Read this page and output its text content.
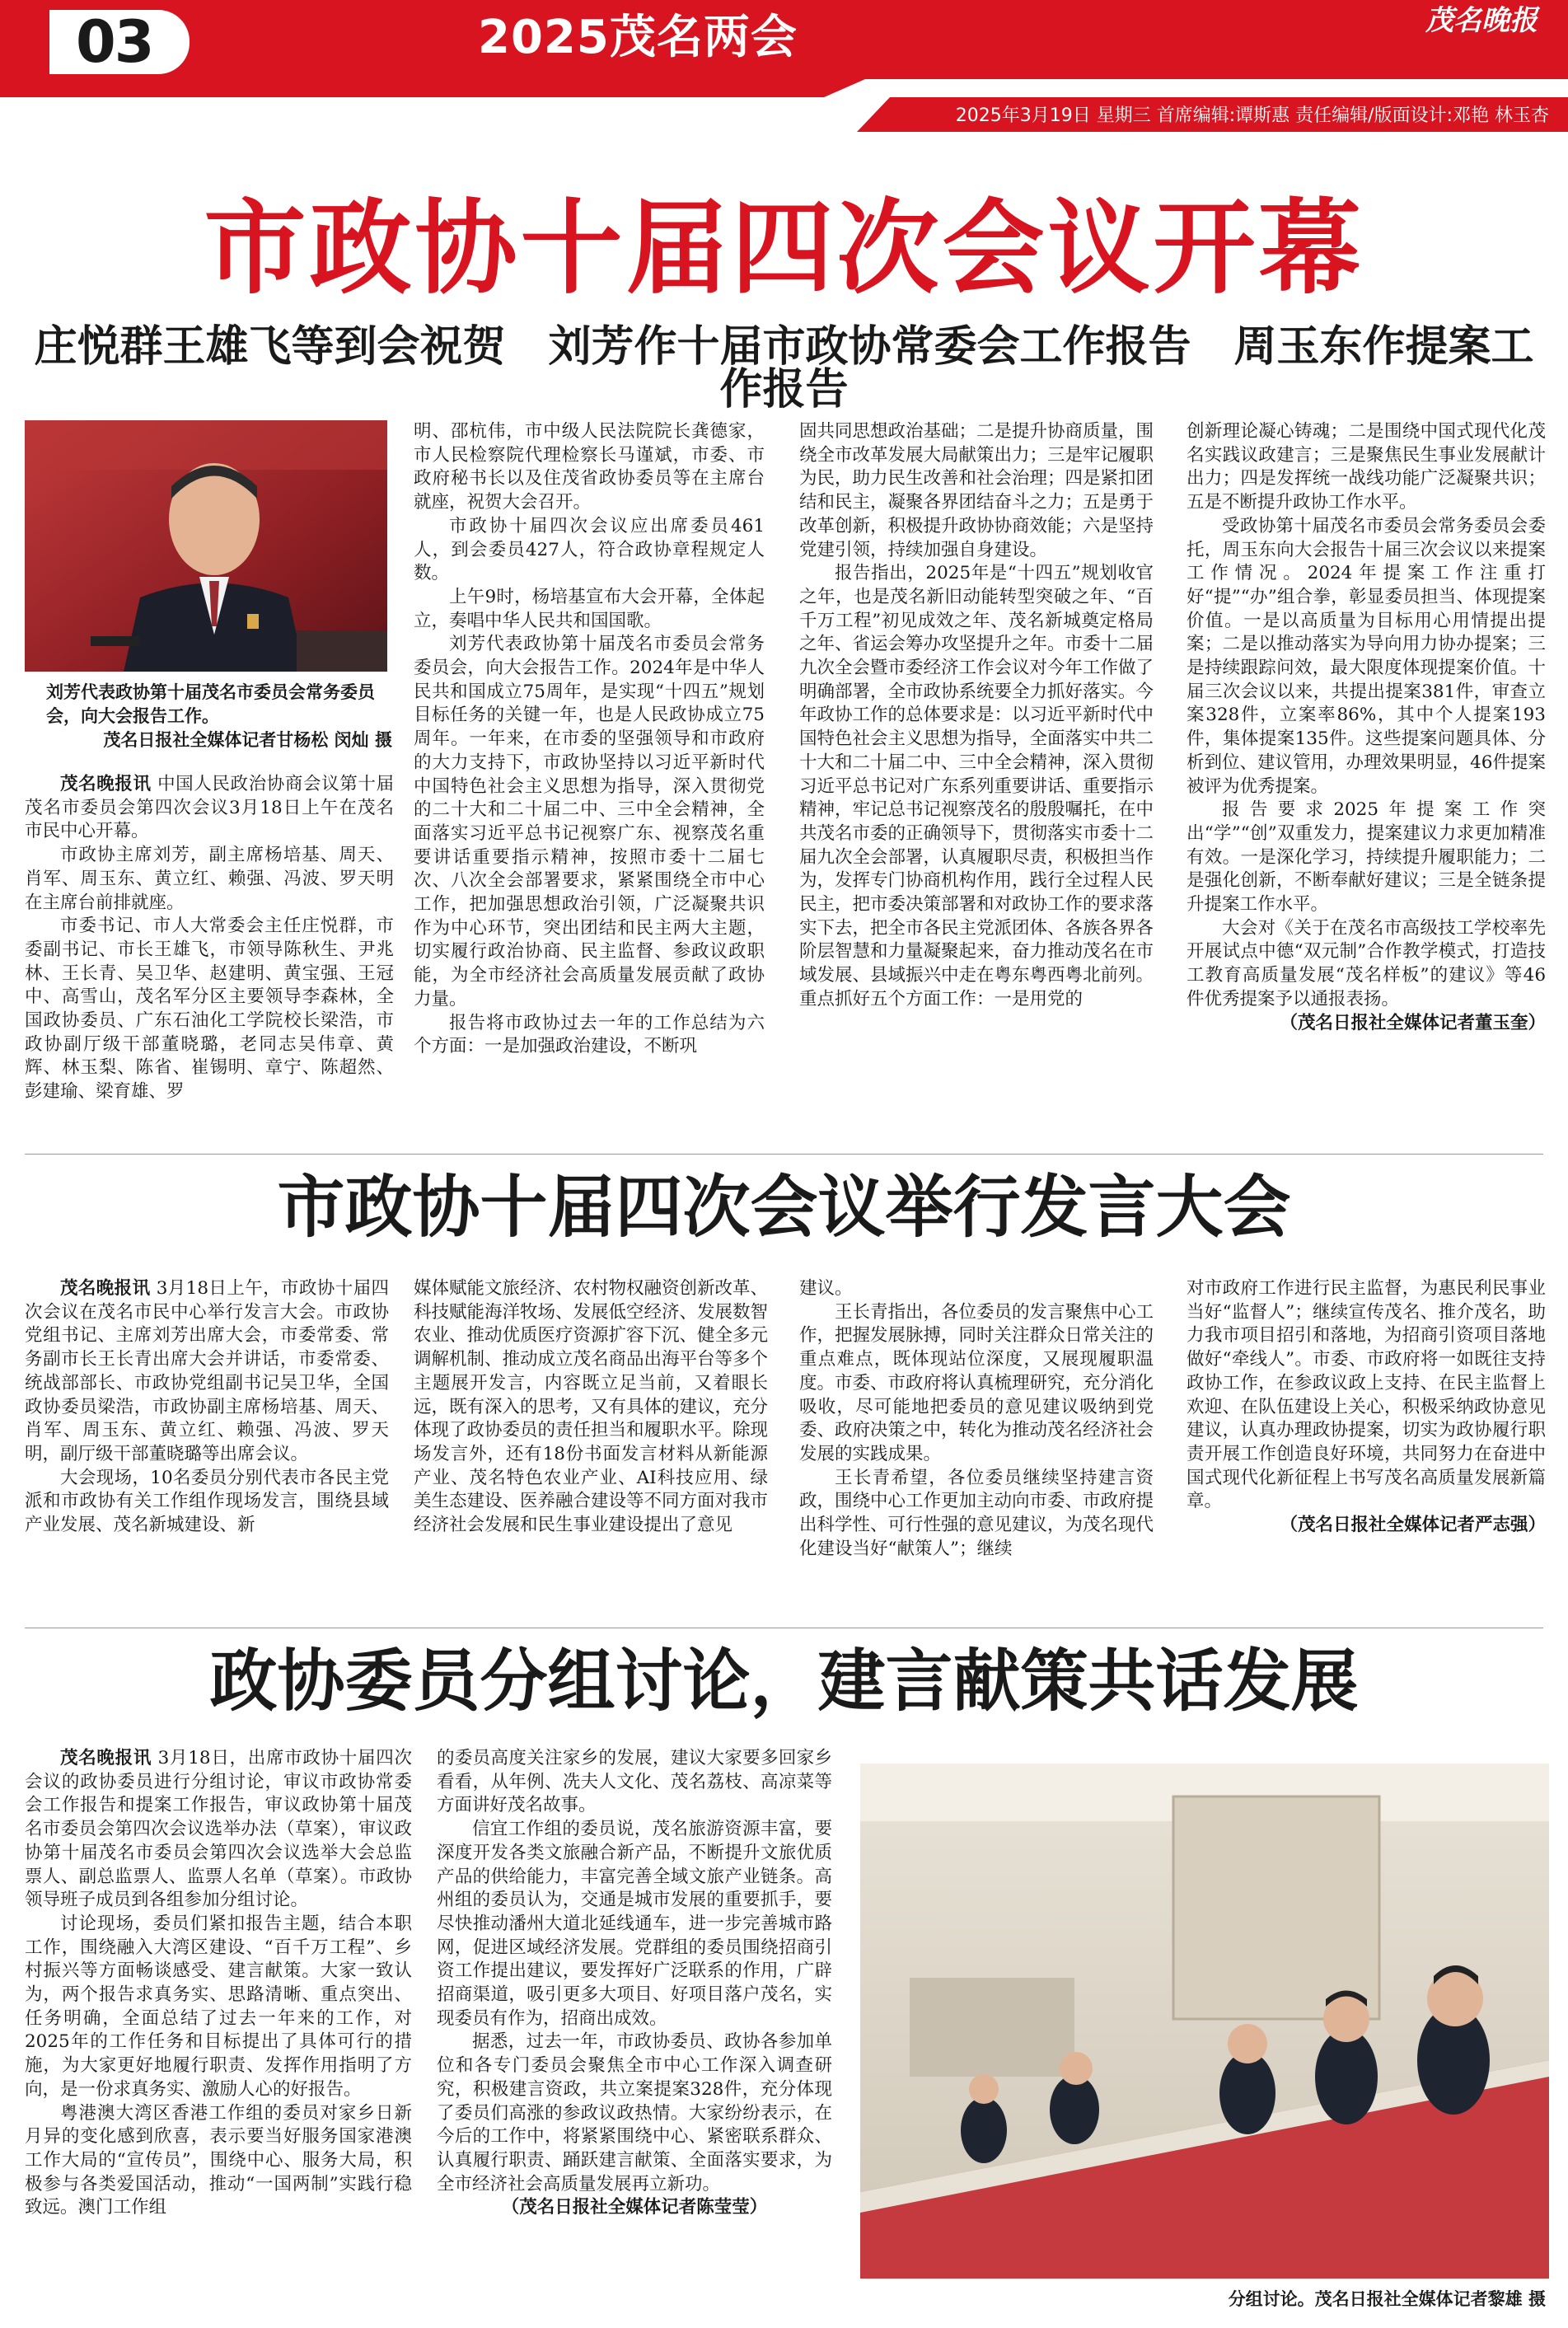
03	2025茂名两会	茂名晚报
2025年3月19日 星期三 首席编辑:谭斯惠 责任编辑/版面设计:邓艳 林玉杏
市政协十届四次会议开幕
庄悦群王雄飞等到会祝贺　刘芳作十届市政协常委会工作报告　周玉东作提案工作报告
刘芳代表政协第十届茂名市委员会常务委员会，向大会报告工作。
茂名日报社全媒体记者甘杨松 闵灿 摄

茂名晚报讯 中国人民政治协商会议第十届茂名市委员会第四次会议3月18日上午在茂名市民中心开幕。

市政协主席刘芳，副主席杨培基、周天、肖军、周玉东、黄立红、赖强、冯波、罗天明在主席台前排就座。

市委书记、市人大常委会主任庄悦群，市委副书记、市长王雄飞，市领导陈秋生、尹兆林、王长青、吴卫华、赵建明、黄宝强、王冠中、高雪山，茂名军分区主要领导李森林，全国政协委员、广东石油化工学院校长梁浩，市政协副厅级干部董晓璐，老同志吴伟章、黄辉、林玉梨、陈省、崔锡明、章宁、陈超然、彭建瑜、梁育雄、罗

明、邵杭伟，市中级人民法院院长龚德家，市人民检察院代理检察长马谨斌，市委、市政府秘书长以及住茂省政协委员等在主席台就座，祝贺大会召开。

市政协十届四次会议应出席委员461人，到会委员427人，符合政协章程规定人数。

上午9时，杨培基宣布大会开幕，全体起立，奏唱中华人民共和国国歌。

刘芳代表政协第十届茂名市委员会常务委员会，向大会报告工作。2024年是中华人民共和国成立75周年，是实现“十四五”规划目标任务的关键一年，也是人民政协成立75周年。一年来，在市委的坚强领导和市政府的大力支持下，市政协坚持以习近平新时代中国特色社会主义思想为指导，深入贯彻党的二十大和二十届二中、三中全会精神，全面落实习近平总书记视察广东、视察茂名重要讲话重要指示精神，按照市委十二届七次、八次全会部署要求，紧紧围绕全市中心工作，把加强思想政治引领，广泛凝聚共识作为中心环节，突出团结和民主两大主题，切实履行政治协商、民主监督、参政议政职能，为全市经济社会高质量发展贡献了政协力量。

报告将市政协过去一年的工作总结为六个方面：一是加强政治建设，不断巩

固共同思想政治基础；二是提升协商质量，围绕全市改革发展大局献策出力；三是牢记履职为民，助力民生改善和社会治理；四是紧扣团结和民主，凝聚各界团结奋斗之力；五是勇于改革创新，积极提升政协协商效能；六是坚持党建引领，持续加强自身建设。

报告指出，2025年是“十四五”规划收官之年，也是茂名新旧动能转型突破之年、“百千万工程”初见成效之年、茂名新城奠定格局之年、省运会筹办攻坚提升之年。市委十二届九次全会暨市委经济工作会议对今年工作做了明确部署，全市政协系统要全力抓好落实。今年政协工作的总体要求是：以习近平新时代中国特色社会主义思想为指导，全面落实中共二十大和二十届二中、三中全会精神，深入贯彻习近平总书记对广东系列重要讲话、重要指示精神，牢记总书记视察茂名的殷殷嘱托，在中共茂名市委的正确领导下，贯彻落实市委十二届九次全会部署，认真履职尽责，积极担当作为，发挥专门协商机构作用，践行全过程人民民主，把市委决策部署和对政协工作的要求落实下去，把全市各民主党派团体、各族各界各阶层智慧和力量凝聚起来，奋力推动茂名在市域发展、县域振兴中走在粤东粤西粤北前列。重点抓好五个方面工作：一是用党的

创新理论凝心铸魂；二是围绕中国式现代化茂名实践议政建言；三是聚焦民生事业发展献计出力；四是发挥统一战线功能广泛凝聚共识；五是不断提升政协工作水平。

受政协第十届茂名市委员会常务委员会委托，周玉东向大会报告十届三次会议以来提案工作情况。2024年提案工作注重打好“提”“办”组合拳，彰显委员担当、体现提案价值。一是以高质量为目标用心用情提出提案；二是以推动落实为导向用力协办提案；三是持续跟踪问效，最大限度体现提案价值。十届三次会议以来，共提出提案381件，审查立案328件，立案率86%，其中个人提案193件，集体提案135件。这些提案问题具体、分析到位、建议管用，办理效果明显，46件提案被评为优秀提案。

报告要求2025年提案工作突出“学”“创”双重发力，提案建议力求更加精准有效。一是深化学习，持续提升履职能力；二是强化创新，不断奉献好建议；三是全链条提升提案工作水平。

大会对《关于在茂名市高级技工学校率先开展试点中德“双元制”合作教学模式，打造技工教育高质量发展“茂名样板”的建议》等46件优秀提案予以通报表扬。

（茂名日报社全媒体记者董玉奎）
市政协十届四次会议举行发言大会

茂名晚报讯 3月18日上午，市政协十届四次会议在茂名市民中心举行发言大会。市政协党组书记、主席刘芳出席大会，市委常委、常务副市长王长青出席大会并讲话，市委常委、统战部部长、市政协党组副书记吴卫华，全国政协委员梁浩，市政协副主席杨培基、周天、肖军、周玉东、黄立红、赖强、冯波、罗天明，副厅级干部董晓璐等出席会议。

大会现场，10名委员分别代表市各民主党派和市政协有关工作组作现场发言，围绕县域产业发展、茂名新城建设、新

媒体赋能文旅经济、农村物权融资创新改革、科技赋能海洋牧场、发展低空经济、发展数智农业、推动优质医疗资源扩容下沉、健全多元调解机制、推动成立茂名商品出海平台等多个主题展开发言，内容既立足当前，又着眼长远，既有深入的思考，又有具体的建议，充分体现了政协委员的责任担当和履职水平。除现场发言外，还有18份书面发言材料从新能源产业、茂名特色农业产业、AI科技应用、绿美生态建设、医养融合建设等不同方面对我市经济社会发展和民生事业建设提出了意见

建议。

王长青指出，各位委员的发言聚焦中心工作，把握发展脉搏，同时关注群众日常关注的重点难点，既体现站位深度，又展现履职温度。市委、市政府将认真梳理研究，充分消化吸收，尽可能地把委员的意见建议吸纳到党委、政府决策之中，转化为推动茂名经济社会发展的实践成果。

王长青希望，各位委员继续坚持建言资政，围绕中心工作更加主动向市委、市政府提出科学性、可行性强的意见建议，为茂名现代化建设当好“献策人”；继续

对市政府工作进行民主监督，为惠民利民事业当好“监督人”；继续宣传茂名、推介茂名，助力我市项目招引和落地，为招商引资项目落地做好“牵线人”。市委、市政府将一如既往支持政协工作，在参政议政上支持、在民主监督上欢迎、在队伍建设上关心，积极采纳政协意见建议，认真办理政协提案，切实为政协履行职责开展工作创造良好环境，共同努力在奋进中国式现代化新征程上书写茂名高质量发展新篇章。

（茂名日报社全媒体记者严志强）
政协委员分组讨论，建言献策共话发展

茂名晚报讯 3月18日，出席市政协十届四次会议的政协委员进行分组讨论，审议市政协常委会工作报告和提案工作报告，审议政协第十届茂名市委员会第四次会议选举办法（草案），审议政协第十届茂名市委员会第四次会议选举大会总监票人、副总监票人、监票人名单（草案）。市政协领导班子成员到各组参加分组讨论。

讨论现场，委员们紧扣报告主题，结合本职工作，围绕融入大湾区建设、“百千万工程”、乡村振兴等方面畅谈感受、建言献策。大家一致认为，两个报告求真务实、思路清晰、重点突出、任务明确，全面总结了过去一年来的工作，对2025年的工作任务和目标提出了具体可行的措施，为大家更好地履行职责、发挥作用指明了方向，是一份求真务实、激励人心的好报告。

粤港澳大湾区香港工作组的委员对家乡日新月异的变化感到欣喜，表示要当好服务国家港澳工作大局的“宣传员”，围绕中心、服务大局，积极参与各类爱国活动，推动“一国两制”实践行稳致远。澳门工作组

的委员高度关注家乡的发展，建议大家要多回家乡看看，从年例、冼夫人文化、茂名荔枝、高凉菜等方面讲好茂名故事。

信宜工作组的委员说，茂名旅游资源丰富，要深度开发各类文旅融合新产品，不断提升文旅优质产品的供给能力，丰富完善全域文旅产业链条。高州组的委员认为，交通是城市发展的重要抓手，要尽快推动潘州大道北延线通车，进一步完善城市路网，促进区域经济发展。党群组的委员围绕招商引资工作提出建议，要发挥好广泛联系的作用，广辟招商渠道，吸引更多大项目、好项目落户茂名，实现委员有作为，招商出成效。

据悉，过去一年，市政协委员、政协各参加单位和各专门委员会聚焦全市中心工作深入调查研究，积极建言资政，共立案提案328件，充分体现了委员们高涨的参政议政热情。大家纷纷表示，在今后的工作中，将紧紧围绕中心、紧密联系群众、认真履行职责、踊跃建言献策、全面落实要求，为全市经济社会高质量发展再立新功。

（茂名日报社全媒体记者陈莹莹）
分组讨论。茂名日报社全媒体记者黎雄 摄
